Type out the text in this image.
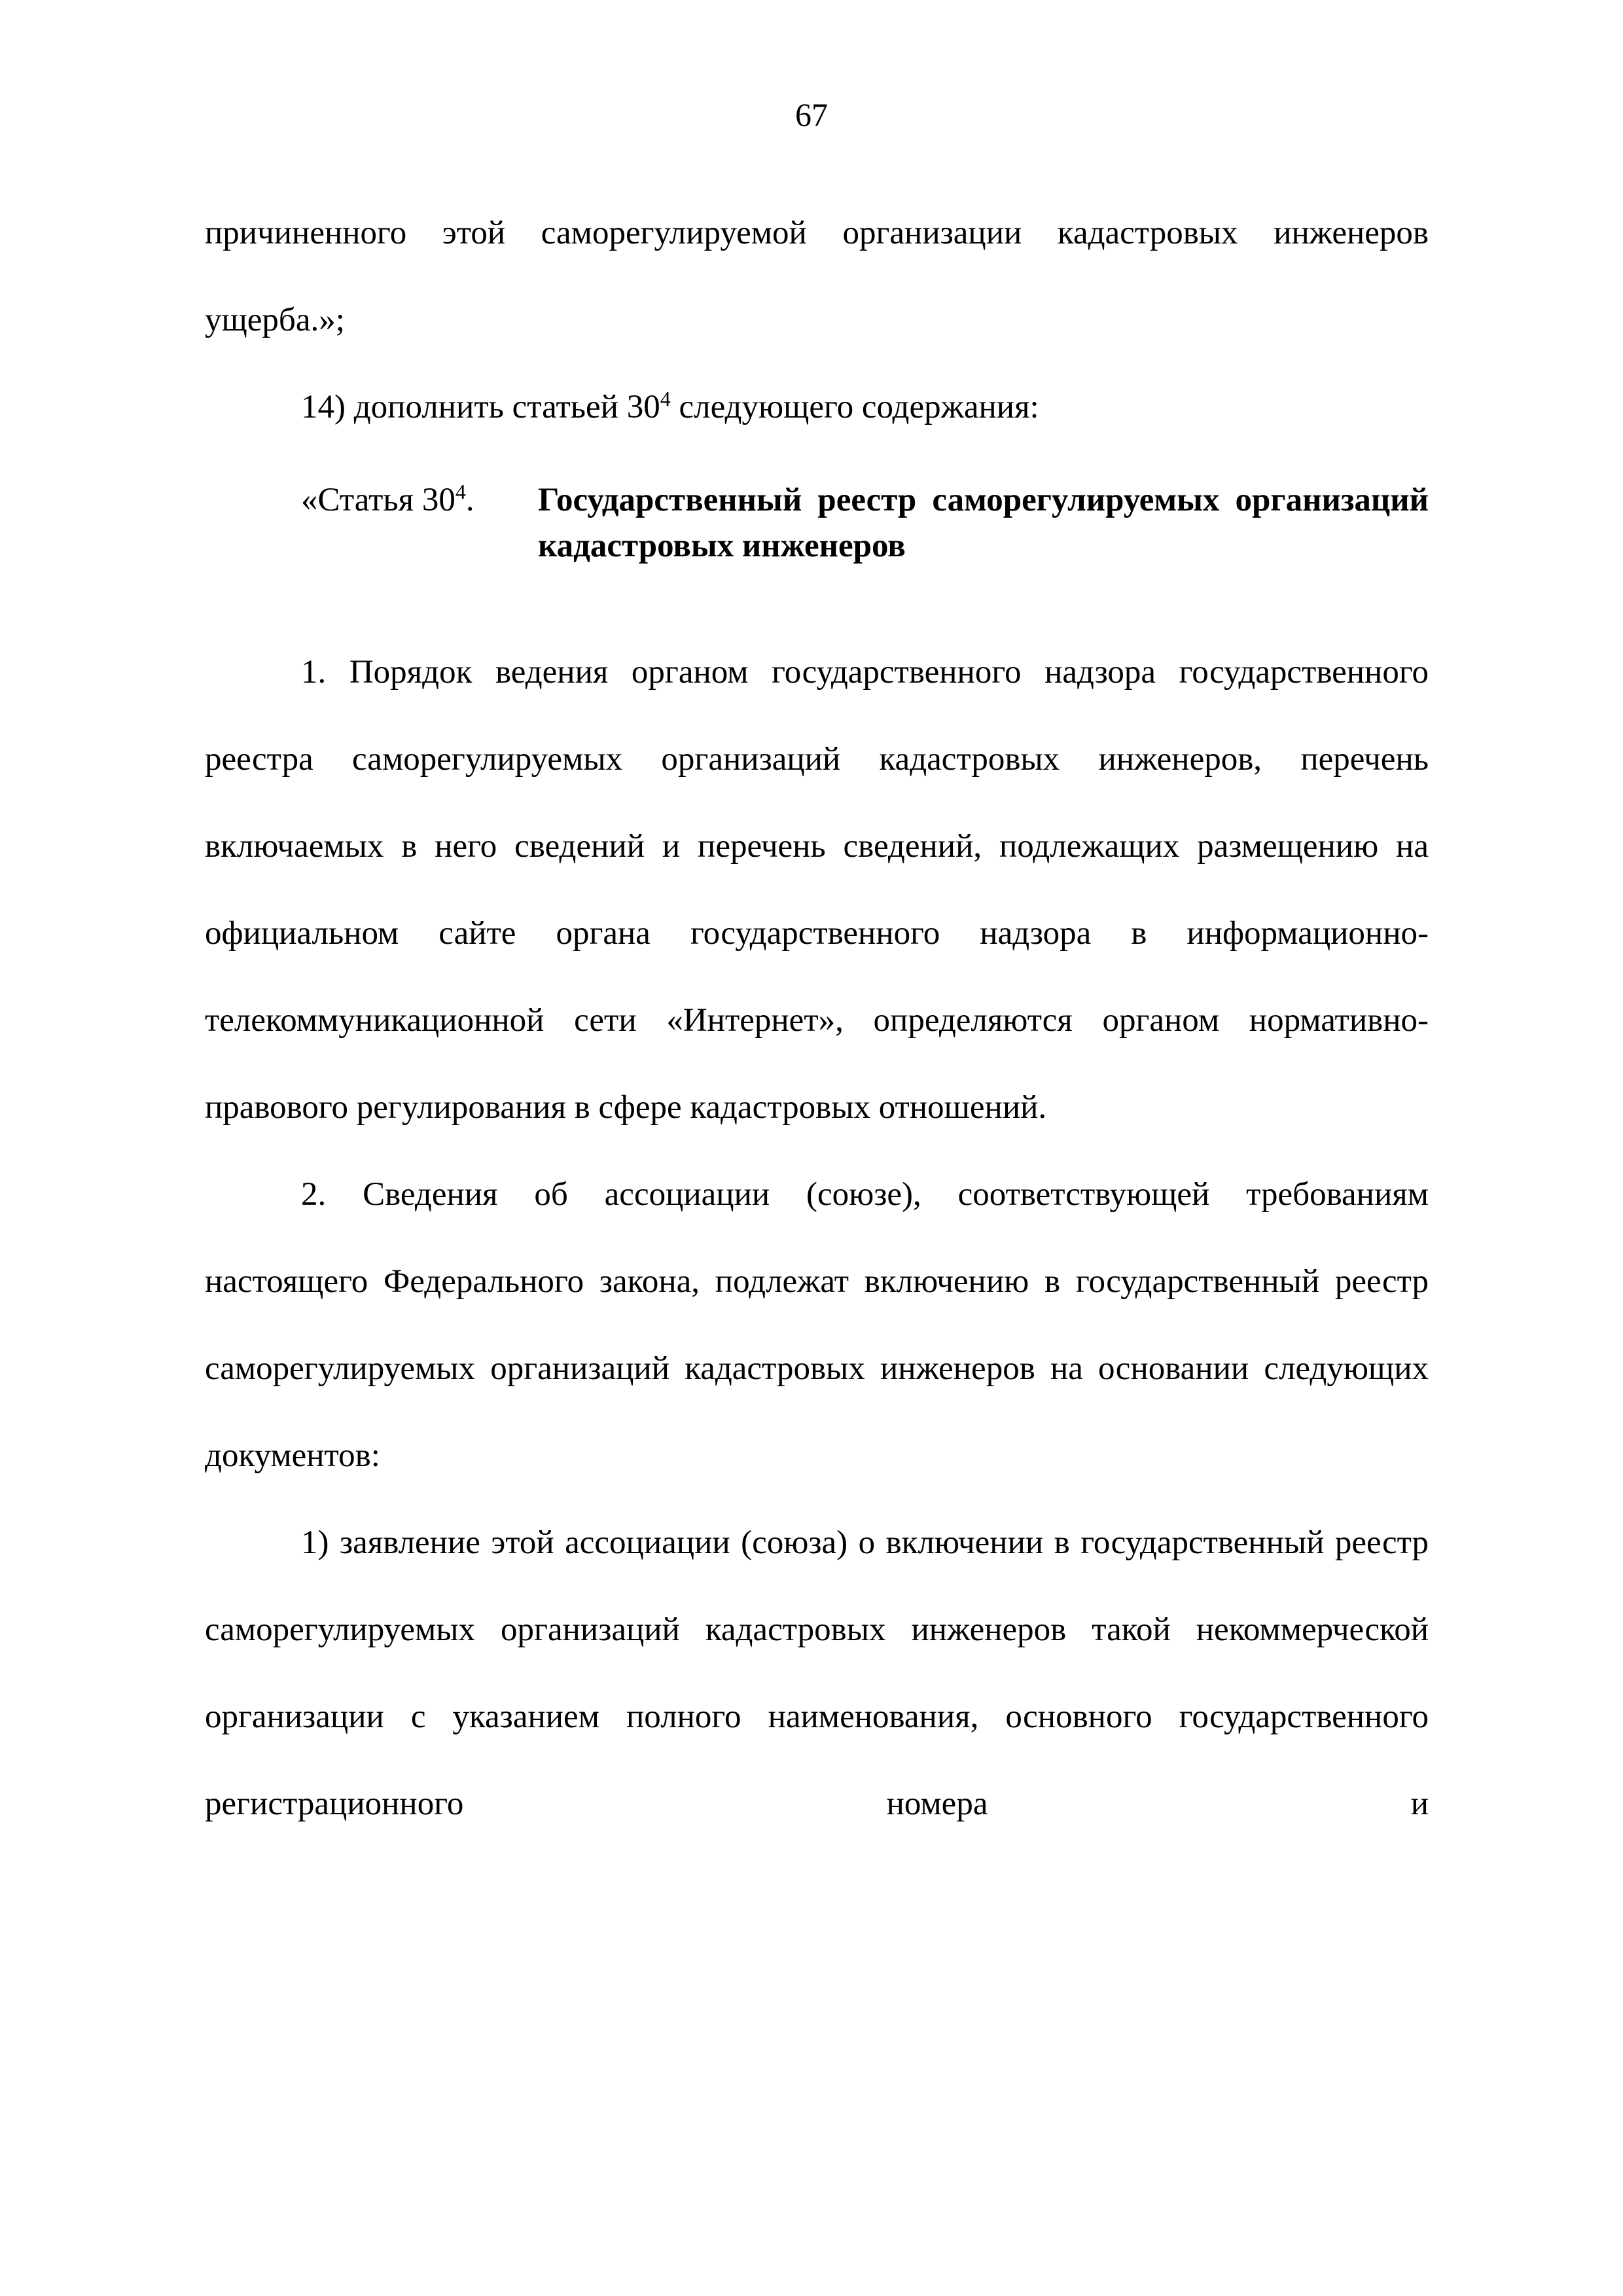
67

причиненного этой саморегулируемой организации кадастровых инженеров ущерба.»;

14) дополнить статьей $30^4$ следующего содержания:

«Статья $30^4$.	Государственный реестр саморегулируемых организаций кадастровых инженеров

1. Порядок ведения органом государственного надзора государственного реестра саморегулируемых организаций кадастровых инженеров, перечень включаемых в него сведений и перечень сведений, подлежащих размещению на официальном сайте органа государственного надзора в информационно-телекоммуникационной сети «Интернет», определяются органом нормативно-правового регулирования в сфере кадастровых отношений.

2. Сведения об ассоциации (союзе), соответствующей требованиям настоящего Федерального закона, подлежат включению в государственный реестр саморегулируемых организаций кадастровых инженеров на основании следующих документов:

1) заявление этой ассоциации (союза) о включении в государственный реестр саморегулируемых организаций кадастровых инженеров такой некоммерческой организации с указанием полного наименования, основного государственного регистрационного номера и
